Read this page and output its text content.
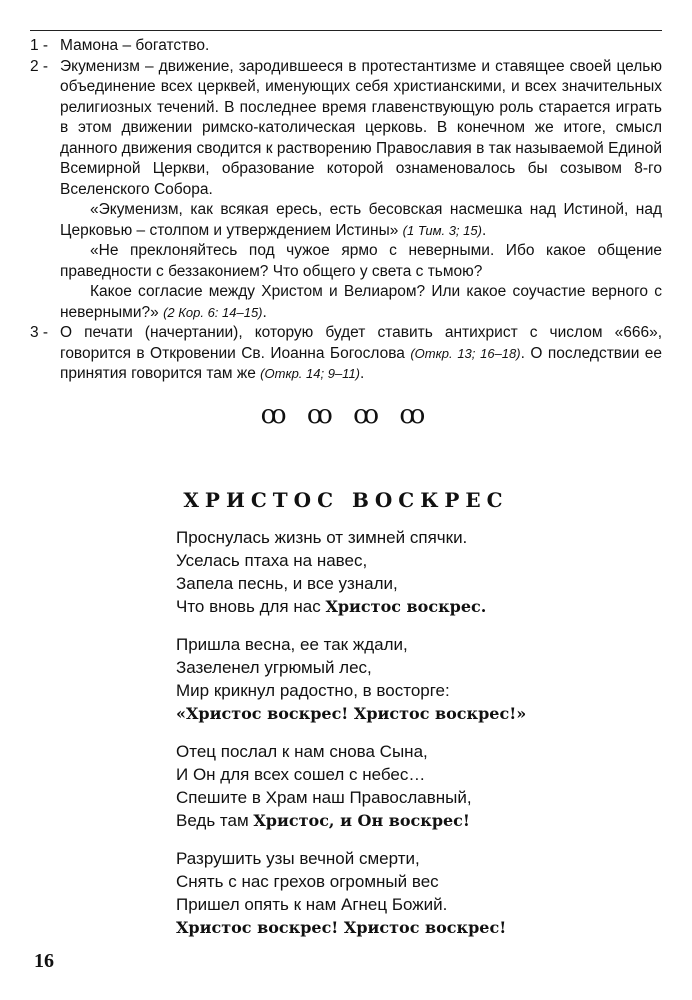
1 - Мамона – богатство.

2 - Экуменизм – движение, зародившееся в протестантизме и ставящее своей целью объединение всех церквей, именующих себя христианскими, и всех значительных религиозных течений. В последнее время главенствующую роль старается играть в этом движении римско-католическая церковь. В конечном же итоге, смысл данного движения сводится к растворению Православия в так называемой Единой Всемирной Церкви, образование которой ознаменовалось бы созывом 8-го Вселенского Собора.

«Экуменизм, как всякая ересь, есть бесовская насмешка над Истиной, над Церковью – столпом и утверждением Истины» (1 Тим. 3; 15).

«Не преклоняйтесь под чужое ярмо с неверными. Ибо какое общение праведности с беззаконием? Что общего у света с тьмою?

Какое согласие между Христом и Велиаром? Или какое соучастие верного с неверными?» (2 Кор. 6: 14–15).

3 - О печати (начертании), которую будет ставить антихрист с числом «666», говорится в Откровении Св. Иоанна Богослова (Откр. 13; 16–18). О последствии ее принятия говорится там же (Откр. 14; 9–11).

ꝏ ꝏ ꝏ ꝏ
ХРИСТОС ВОСКРЕС
Проснулась жизнь от зимней спячки.
Уселась птаха на навес,
Запела песнь, и все узнали,
Что вновь для нас Христос воскрес.
Пришла весна, ее так ждали,
Зазеленел угрюмый лес,
Мир крикнул радостно, в восторге:
«Христос воскрес! Христос воскрес!»
Отец послал к нам снова Сына,
И Он для всех сошел с небес…
Спешите в Храм наш Православный,
Ведь там Христос, и Он воскрес!
Разрушить узы вечной смерти,
Снять с нас грехов огромный вес
Пришел опять к нам Агнец Божий.
Христос воскрес! Христос воскрес!
16
